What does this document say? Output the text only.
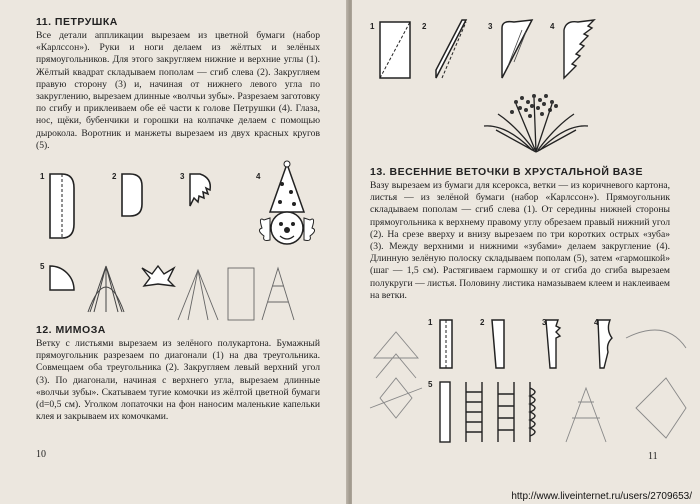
11. ПЕТРУШКА
Все детали аппликации вырезаем из цветной бумаги (набор «Карлссон»). Руки и ноги делаем из жёлтых и зелёных прямоугольников. Для этого закругляем нижние и верхние углы (1). Жёлтый квадрат складываем пополам — сгиб слева (2). Закругляем правую сторону (3) и, начиная от нижнего левого угла по закруглению, вырезаем длинные «волчьи зубы». Разрезаем заготовку по сгибу и приклеиваем обе её части к голове Петрушки (4). Глаза, нос, щёки, бубенчики и горошки на колпачке делаем с помощью дырокола. Воротник и манжеты вырезаем из двух красных кругов (5).
1	2	3	4
5
12. МИМОЗА
Ветку с листьями вырезаем из зелёного полукартона. Бумажный прямоугольник разрезаем по диагонали (1) на два треугольника. Совмещаем оба треугольника (2). Закругляем левый верхний угол (3). По диагонали, начиная с верхнего угла, вырезаем длинные «волчьи зубы». Скатываем тугие комочки из жёлтой цветной бумаги (d=0,5 см). Уголком лопаточки на фон наносим маленькие капельки клея и закрываем их комочками.
10
1	2	3	4
13. ВЕСЕННИЕ ВЕТОЧКИ В ХРУСТАЛЬНОЙ ВАЗЕ
Вазу вырезаем из бумаги для ксерокса, ветки — из коричневого картона, листья — из зелёной бумаги (набор «Карлссон»). Прямоугольник складываем пополам — сгиб слева (1). От середины нижней стороны прямоугольника к верхнему правому углу обрезаем правый нижний угол (2). На срезе вверху и внизу вырезаем по три коротких острых «зуба» (3). Между верхними и нижними «зубами» делаем закругление (4). Длинную зелёную полоску складываем пополам (5), затем «гармошкой» (шаг — 1,5 см). Растягиваем гармошку и от сгиба до сгиба вырезаем полукруги — листья. Половину листика намазываем клеем и наклеиваем на ветки.
1	2	3	4
5
11
http://www.liveinternet.ru/users/2709653/
